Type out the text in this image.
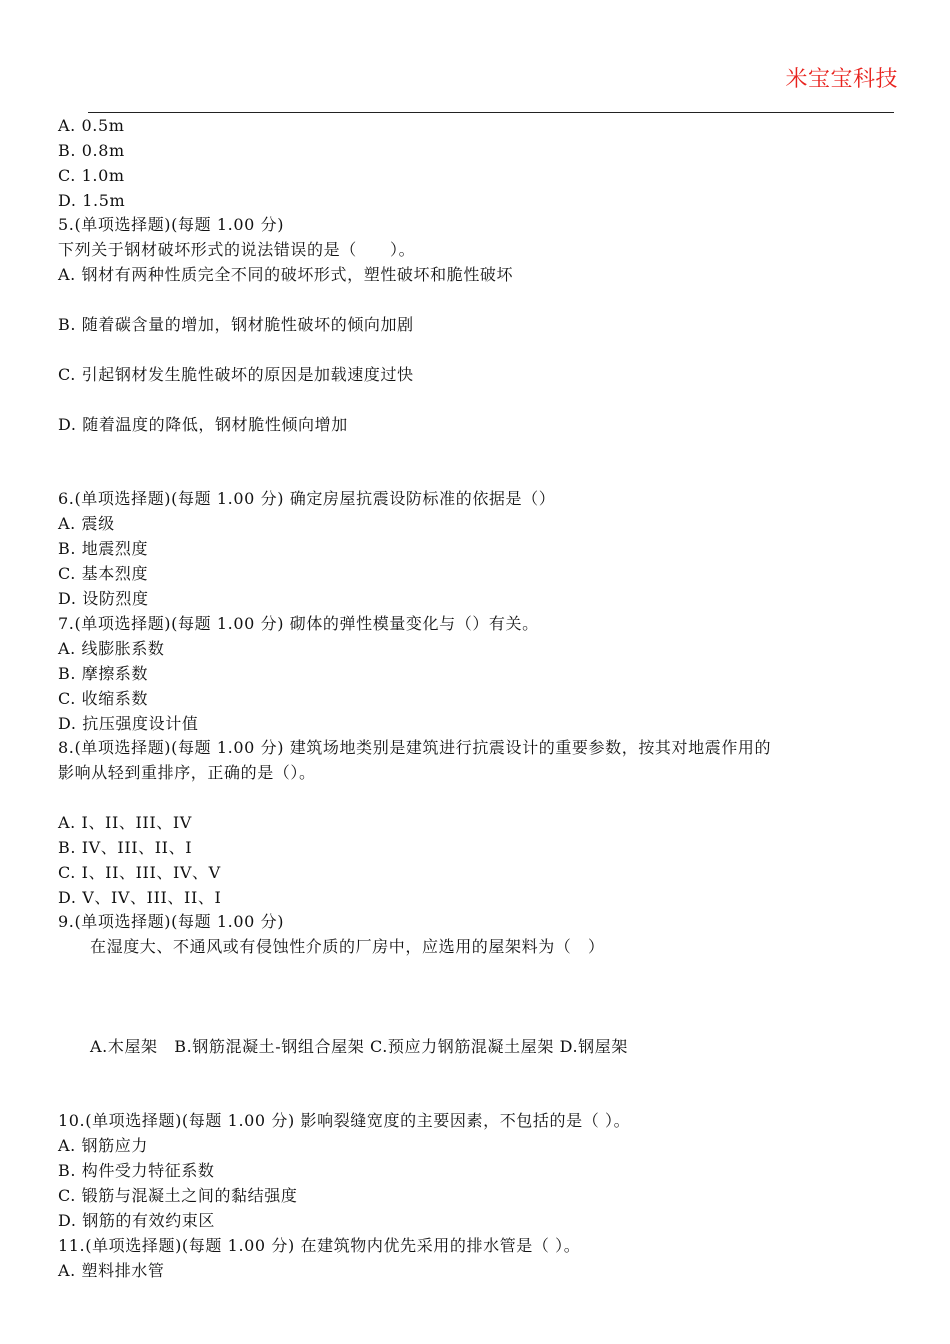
米宝宝科技
A. 0.5m
B. 0.8m
C. 1.0m
D. 1.5m
5.(单项选择题)(每题 1.00 分)
下列关于钢材破坏形式的说法错误的是（　　）。
A. 钢材有两种性质完全不同的破坏形式，塑性破坏和脆性破坏
B. 随着碳含量的增加，钢材脆性破坏的倾向加剧
C. 引起钢材发生脆性破坏的原因是加载速度过快
D. 随着温度的降低，钢材脆性倾向增加
6.(单项选择题)(每题 1.00 分) 确定房屋抗震设防标准的依据是（）
A. 震级
B. 地震烈度
C. 基本烈度
D. 设防烈度
7.(单项选择题)(每题 1.00 分) 砌体的弹性模量变化与（）有关。
A. 线膨胀系数
B. 摩擦系数
C. 收缩系数
D. 抗压强度设计值
8.(单项选择题)(每题 1.00 分) 建筑场地类别是建筑进行抗震设计的重要参数，按其对地震作用的
影响从轻到重排序，正确的是（）。
A. I、II、III、IV
B. IV、III、II、I
C. I、II、III、IV、V
D. V、IV、III、II、I
9.(单项选择题)(每题 1.00 分)
在湿度大、不通风或有侵蚀性介质的厂房中，应选用的屋架料为（　）
A.木屋架　B.钢筋混凝土-钢组合屋架 C.预应力钢筋混凝土屋架 D.钢屋架
10.(单项选择题)(每题 1.00 分) 影响裂缝宽度的主要因素，不包括的是（ ）。
A. 钢筋应力
B. 构件受力特征系数
C. 锻筋与混凝土之间的黏结强度
D. 钢筋的有效约束区
11.(单项选择题)(每题 1.00 分) 在建筑物内优先采用的排水管是（ ）。
A. 塑料排水管
